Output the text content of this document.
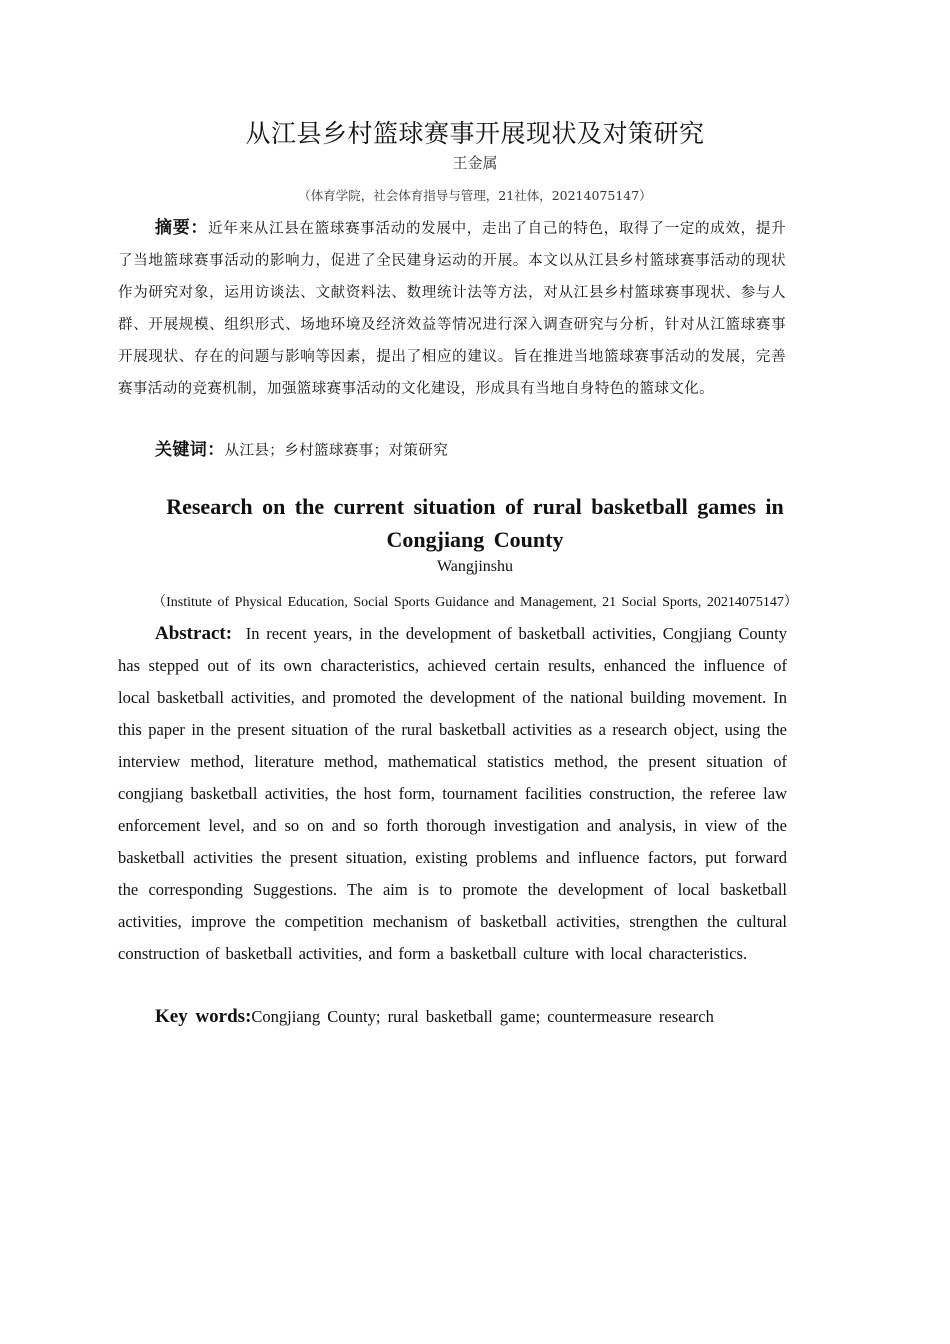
从江县乡村篮球赛事开展现状及对策研究
王金属
（体育学院，社会体育指导与管理，21社体，20214075147）
摘要：近年来从江县在篮球赛事活动的发展中，走出了自己的特色，取得了一定的成效，提升了当地篮球赛事活动的影响力，促进了全民建身运动的开展。本文以从江县乡村篮球赛事活动的现状作为研究对象，运用访谈法、文献资料法、数理统计法等方法，对从江县乡村篮球赛事现状、参与人群、开展规模、组织形式、场地环境及经济效益等情况进行深入调查研究与分析，针对从江篮球赛事开展现状、存在的问题与影响等因素，提出了相应的建议。旨在推进当地篮球赛事活动的发展，完善赛事活动的竞赛机制，加强篮球赛事活动的文化建设，形成具有当地自身特色的篮球文化。
关键词：从江县；乡村篮球赛事；对策研究
Research on the current situation of rural basketball games in Congjiang County
Wangjinshu
（Institute of Physical Education, Social Sports Guidance and Management, 21 Social Sports, 20214075147）
Abstract: In recent years, in the development of basketball activities, Congjiang County has stepped out of its own characteristics, achieved certain results, enhanced the influence of local basketball activities, and promoted the development of the national building movement. In this paper in the present situation of the rural basketball activities as a research object, using the interview method, literature method, mathematical statistics method, the present situation of congjiang basketball activities, the host form, tournament facilities construction, the referee law enforcement level, and so on and so forth thorough investigation and analysis, in view of the basketball activities the present situation, existing problems and influence factors, put forward the corresponding Suggestions. The aim is to promote the development of local basketball activities, improve the competition mechanism of basketball activities, strengthen the cultural construction of basketball activities, and form a basketball culture with local characteristics.
Key words:Congjiang County; rural basketball game; countermeasure research
